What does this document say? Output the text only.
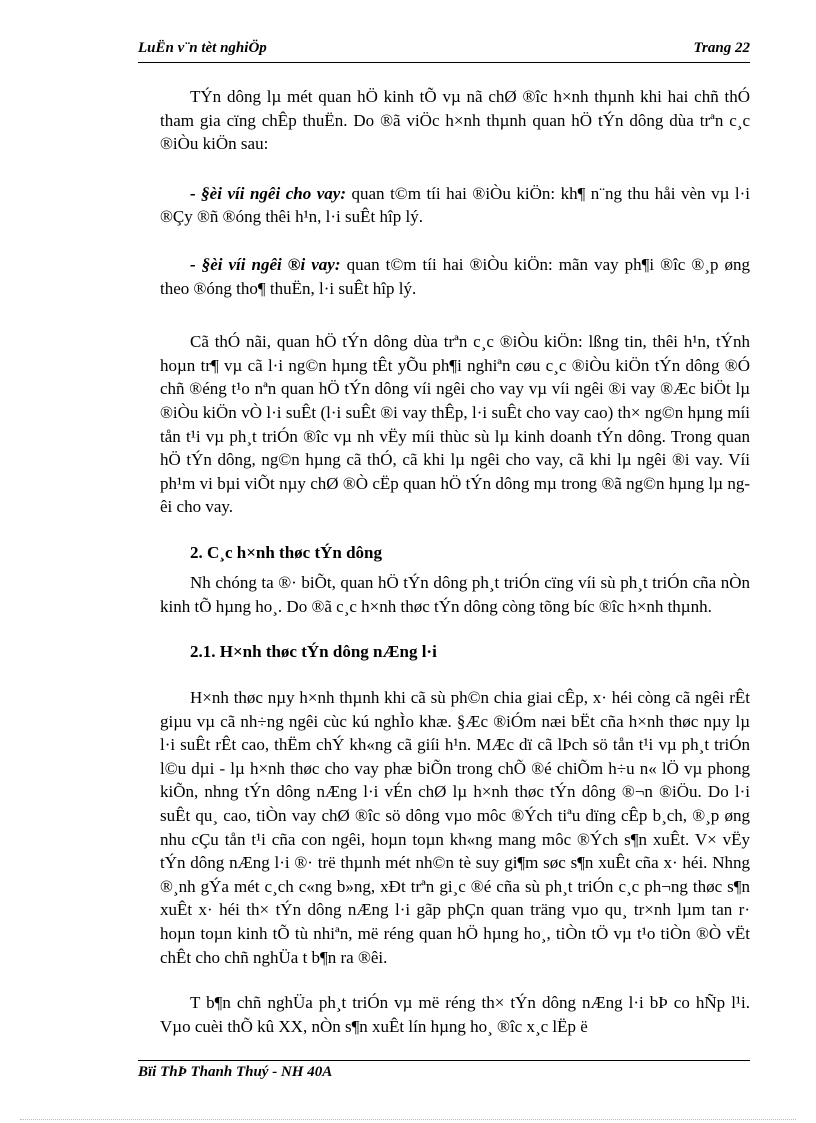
LuËn v¨n tèt nghiÖp	Trang 22

TÝn dông lµ mét quan hÖ kinh tÕ vµ nã chØ ®îc h×nh thµnh khi hai chñ thÓ tham gia cïng chÊp thuËn. Do ®ã viÖc h×nh thµnh quan hÖ tÝn dông dùa trªn c¸c ®iÒu kiÖn sau:

- §èi víi ngêi cho vay: quan t©m tíi hai ®iÒu kiÖn: kh¶ n¨ng thu håi vèn vµ l·i ®Çy ®ñ ®óng thêi h¹n, l·i suÊt hîp lý.

- §èi víi ngêi ®i vay: quan t©m tíi hai ®iÒu kiÖn: mãn vay ph¶i ®îc ®¸p øng theo ®óng tho¶ thuËn, l·i suÊt hîp lý.

Cã thÓ nãi, quan hÖ tÝn dông dùa trªn c¸c ®iÒu kiÖn: lßng tin, thêi h¹n, tÝnh hoµn tr¶ vµ cã l·i ng©n hµng tÊt yÕu ph¶i nghiªn cøu c¸c ®iÒu kiÖn tÝn dông ®Ó chñ ®éng t¹o nªn quan hÖ tÝn dông víi ngêi cho vay vµ víi ngêi ®i vay ®Æc biÖt lµ ®iÒu kiÖn vÒ l·i suÊt (l·i suÊt ®i vay thÊp, l·i suÊt cho vay cao) th× ng©n hµng míi tån t¹i vµ ph¸t triÓn ®îc vµ nh vËy míi thùc sù lµ kinh doanh tÝn dông. Trong quan hÖ tÝn dông, ng©n hµng cã thÓ, cã khi lµ ngêi cho vay, cã khi lµ ngêi ®i vay. Víi ph¹m vi bµi viÕt nµy chØ ®Ò cËp quan hÖ tÝn dông mµ trong ®ã ng©n hµng lµ ngêi cho vay.

2. C¸c h×nh thøc tÝn dông

Nh chóng ta ®· biÕt, quan hÖ tÝn dông ph¸t triÓn cïng víi sù ph¸t triÓn cña nÒn kinh tÕ hµng ho¸. Do ®ã c¸c h×nh thøc tÝn dông còng tõng bíc ®îc h×nh thµnh.

2.1. H×nh thøc tÝn dông nÆng l·i

H×nh thøc nµy h×nh thµnh khi cã sù ph©n chia giai cÊp, x· héi còng cã ngêi rÊt giµu vµ cã nh÷ng ngêi cùc kú nghÌo khæ. §Æc ®iÓm næi bËt cña h×nh thøc nµy lµ l·i suÊt rÊt cao, thËm chÝ kh«ng cã giíi h¹n. MÆc dï cã lÞch sö tån t¹i vµ ph¸t triÓn l©u dµi - lµ h×nh thøc cho vay phæ biÕn trong chÕ ®é chiÕm h÷u n« lÖ vµ phong kiÕn, nhng tÝn dông nÆng l·i vÉn chØ lµ h×nh thøc tÝn dông ®¬n ®iÖu. Do l·i suÊt qu¸ cao, tiÒn vay chØ ®îc sö dông vµo môc ®Ých tiªu dïng cÊp b¸ch, ®¸p øng nhu cÇu tån t¹i cña con ngêi, hoµn toµn kh«ng mang môc ®Ých s¶n xuÊt. V× vËy tÝn dông nÆng l·i ®· trë thµnh mét nh©n tè suy gi¶m søc s¶n xuÊt cña x· héi. Nhng ®¸nh gÝa mét c¸ch c«ng b»ng, xÐt trªn gi¸c ®é cña sù ph¸t triÓn c¸c ph¬ng thøc s¶n xuÊt x· héi th× tÝn dông nÆng l·i gãp phÇn quan träng vµo qu¸ tr×nh lµm tan r· hoµn toµn kinh tÕ tù nhiªn, më réng quan hÖ hµng ho¸, tiÒn tÖ vµ t¹o tiÒn ®Ò vËt chÊt cho chñ nghÜa t b¶n ra ®êi.

T b¶n chñ nghÜa ph¸t triÓn vµ më réng th× tÝn dông nÆng l·i bÞ co hÑp l¹i. Vµo cuèi thÕ kû XX, nÒn s¶n xuÊt lín hµng ho¸ ®îc x¸c lËp ë

Bïi ThÞ Thanh Thuý - NH 40A
